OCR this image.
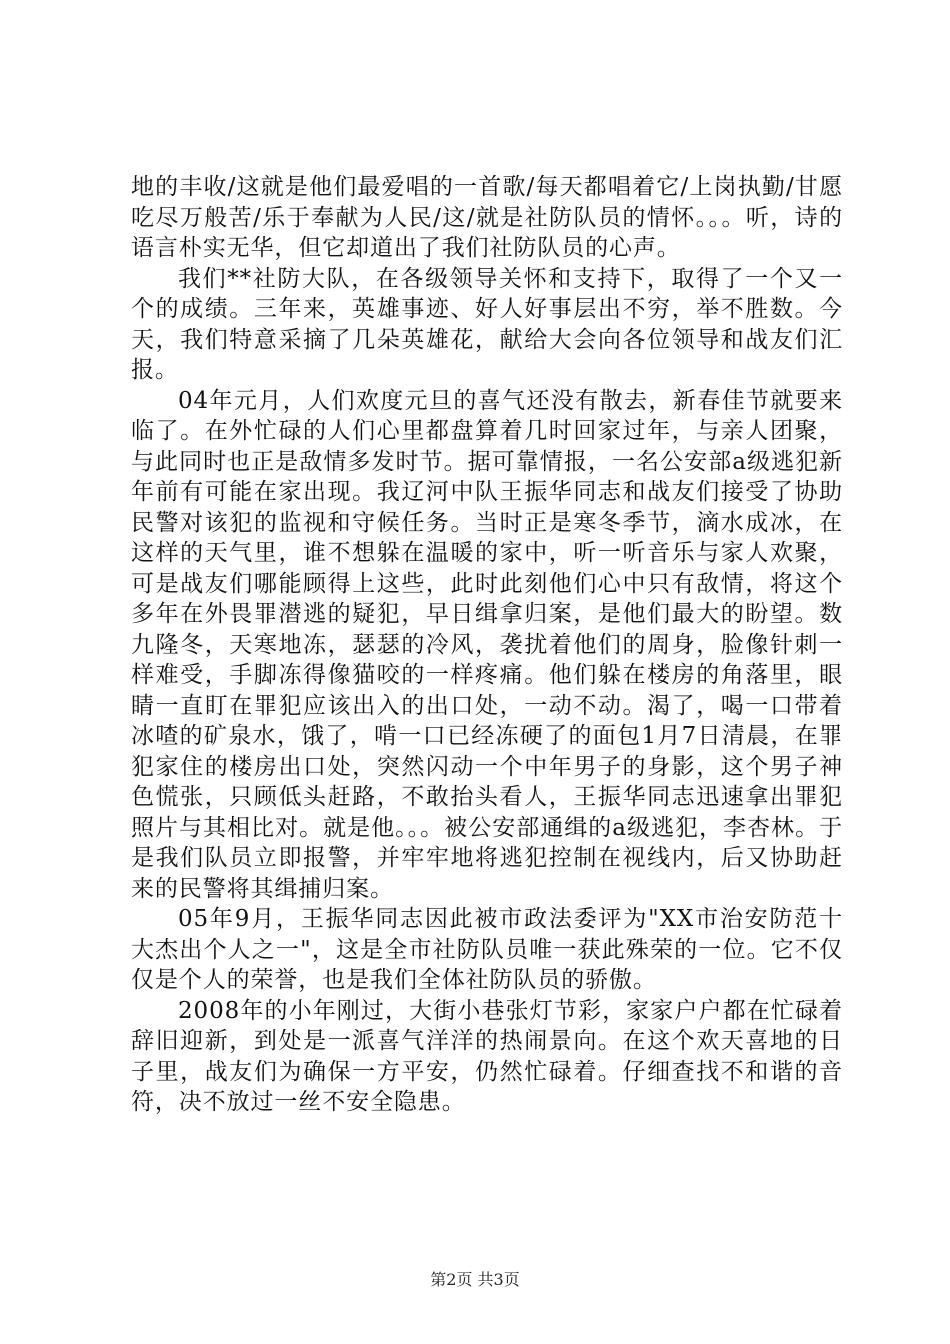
地的丰收/这就是他们最爱唱的一首歌/每天都唱着它/上岗执勤/甘愿吃尽万般苦/乐于奉献为人民/这/就是社防队员的情怀。。。听，诗的语言朴实无华，但它却道出了我们社防队员的心声。

我们**社防大队，在各级领导关怀和支持下，取得了一个又一个的成绩。三年来，英雄事迹、好人好事层出不穷，举不胜数。今天，我们特意采摘了几朵英雄花，献给大会向各位领导和战友们汇报。

04年元月，人们欢度元旦的喜气还没有散去，新春佳节就要来临了。在外忙碌的人们心里都盘算着几时回家过年，与亲人团聚，与此同时也正是敌情多发时节。据可靠情报，一名公安部a级逃犯新年前有可能在家出现。我辽河中队王振华同志和战友们接受了协助民警对该犯的监视和守候任务。当时正是寒冬季节，滴水成冰，在这样的天气里，谁不想躲在温暖的家中，听一听音乐与家人欢聚，可是战友们哪能顾得上这些，此时此刻他们心中只有敌情，将这个多年在外畏罪潜逃的疑犯，早日缉拿归案，是他们最大的盼望。数九隆冬，天寒地冻，瑟瑟的冷风，袭扰着他们的周身，脸像针刺一样难受，手脚冻得像猫咬的一样疼痛。他们躲在楼房的角落里，眼睛一直盯在罪犯应该出入的出口处，一动不动。渴了，喝一口带着冰喳的矿泉水，饿了，啃一口已经冻硬了的面包1月7日清晨，在罪犯家住的楼房出口处，突然闪动一个中年男子的身影，这个男子神色慌张，只顾低头赶路，不敢抬头看人，王振华同志迅速拿出罪犯照片与其相比对。就是他。。。被公安部通缉的a级逃犯，李杏林。于是我们队员立即报警，并牢牢地将逃犯控制在视线内，后又协助赶来的民警将其缉捕归案。

05年9月，王振华同志因此被市政法委评为"XX市治安防范十大杰出个人之一"，这是全市社防队员唯一获此殊荣的一位。它不仅仅是个人的荣誉，也是我们全体社防队员的骄傲。

2008年的小年刚过，大街小巷张灯节彩，家家户户都在忙碌着辞旧迎新，到处是一派喜气洋洋的热闹景向。在这个欢天喜地的日子里，战友们为确保一方平安，仍然忙碌着。仔细查找不和谐的音符，决不放过一丝不安全隐患。

第2页 共3页
